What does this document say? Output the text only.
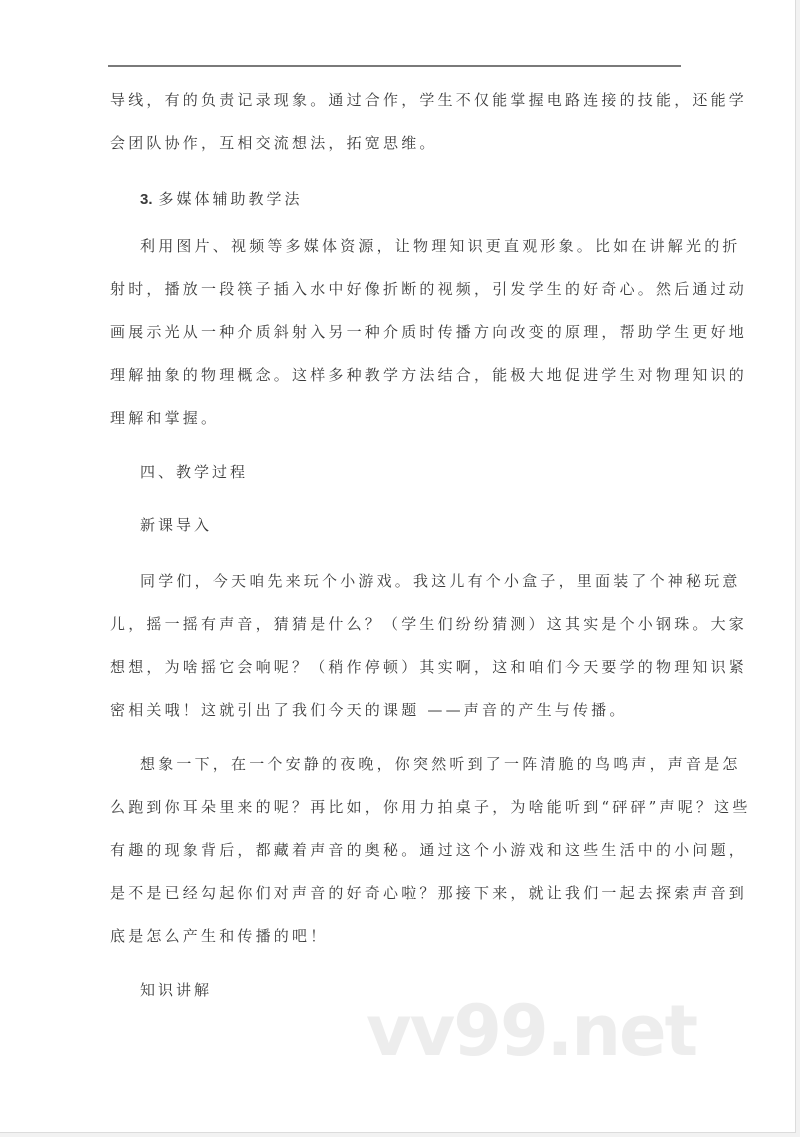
导线，有的负责记录现象。通过合作，学生不仅能掌握电路连接的技能，还能学
会团队协作，互相交流想法，拓宽思维。
3. 多媒体辅助教学法
利用图片、视频等多媒体资源，让物理知识更直观形象。比如在讲解光的折
射时，播放一段筷子插入水中好像折断的视频，引发学生的好奇心。然后通过动
画展示光从一种介质斜射入另一种介质时传播方向改变的原理，帮助学生更好地
理解抽象的物理概念。这样多种教学方法结合，能极大地促进学生对物理知识的
理解和掌握。
四、教学过程
新课导入
同学们，今天咱先来玩个小游戏。我这儿有个小盒子，里面装了个神秘玩意
儿，摇一摇有声音，猜猜是什么？（学生们纷纷猜测）这其实是个小钢珠。大家
想想，为啥摇它会响呢？（稍作停顿）其实啊，这和咱们今天要学的物理知识紧
密相关哦！这就引出了我们今天的课题 ——声音的产生与传播。
想象一下，在一个安静的夜晚，你突然听到了一阵清脆的鸟鸣声，声音是怎
么跑到你耳朵里来的呢？再比如，你用力拍桌子，为啥能听到“砰砰”声呢？这些
有趣的现象背后，都藏着声音的奥秘。通过这个小游戏和这些生活中的小问题，
是不是已经勾起你们对声音的好奇心啦？那接下来，就让我们一起去探索声音到
底是怎么产生和传播的吧！
知识讲解 vv99.net
